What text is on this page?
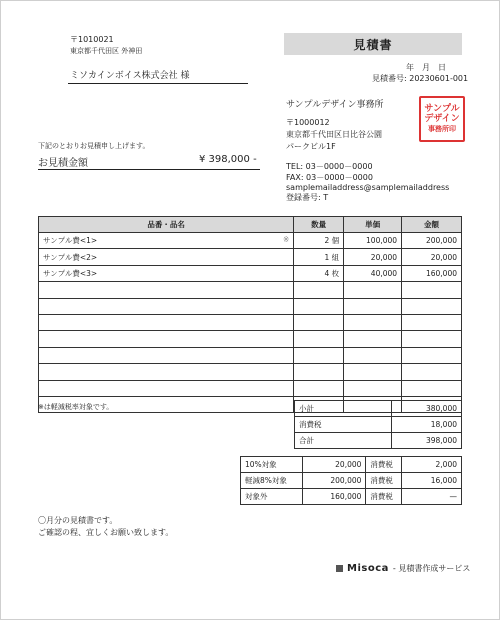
〒1010021
東京都千代田区 外神田
ミソカインボイス株式会社 様
見積書
年　月　日
見積番号: 20230601-001
下記のとおりお見積申し上げます。
お見積金額	¥ 398,000 -
サンプルデザイン事務所
〒1000012
東京都千代田区日比谷公園
パークビル1F
TEL: 03－0000－0000
FAX: 03－0000－0000
samplemailaddress@samplemailaddress
登録番号: T
サンプル
デザイン
事務所印
品番・品名	数量	単価	金額
サンプル費<1> ※	2 個	100,000	200,000
サンプル費<2>	1 組	20,000	20,000
サンプル費<3>	4 枚	40,000	160,000

※は軽減税率対象です。	小計	380,000
消費税	18,000
合計	398,000
10%対象	20,000	消費税	2,000
軽減8%対象	200,000	消費税	16,000
対象外	160,000	消費税	—
〇月分の見積書です。
ご確認の程、宜しくお願い致します。
Misoca - 見積書作成サービス
